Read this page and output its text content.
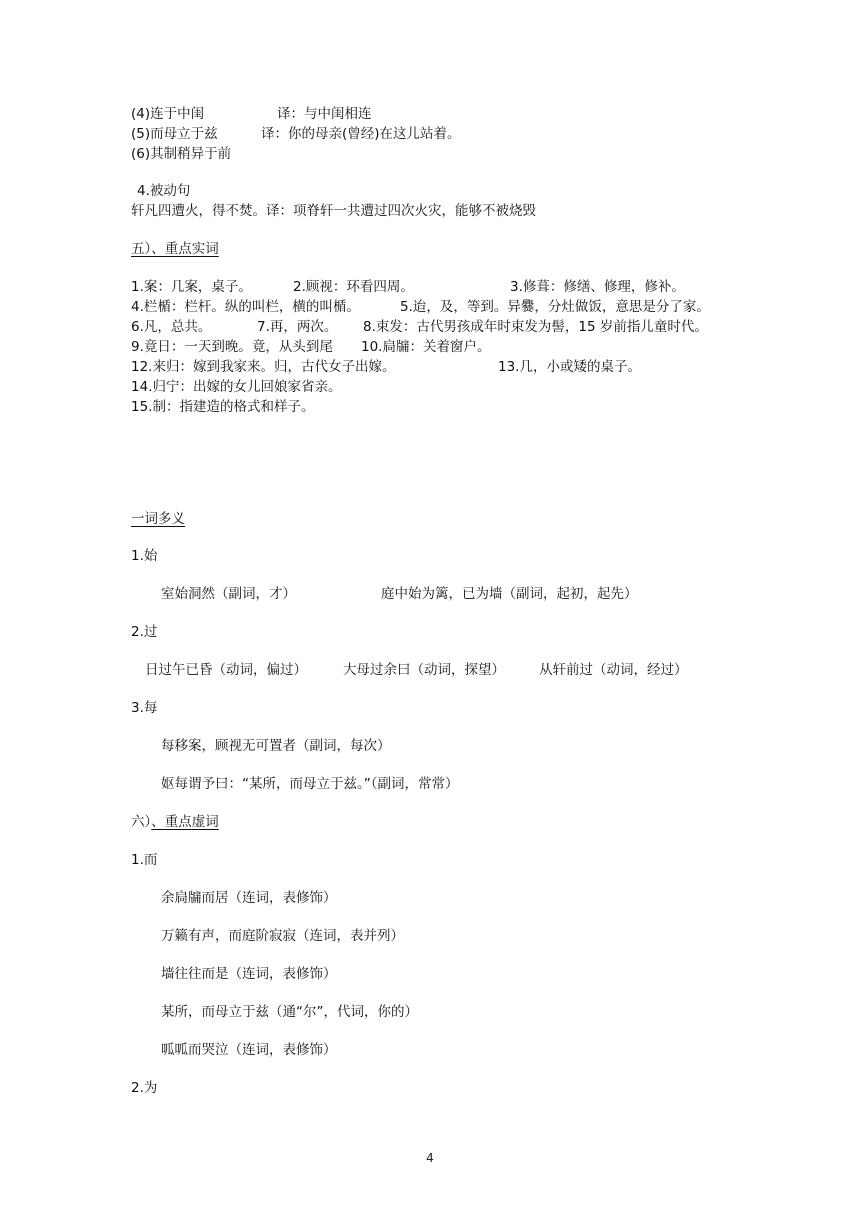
(4)连于中闺

	译：与中闺相连

(5)而母立于兹

	译：你的母亲(曾经)在这儿站着。

(6)其制稍异于前
4.被动句
轩凡四遭火，得不焚。译：项脊轩一共遭过四次火灾，能够不被烧毁
五）、重点实词

1.案：几案，桌子。

	2.顾视：环看四周。

	3.修葺：修缮、修理，修补。

4.栏楯：栏杆。纵的叫栏，横的叫楯。

	5.迨，及，等到。异爨，分灶做饭，意思是分了家。

6.凡，总共。

	7.再，两次。

8.束发：古代男孩成年时束发为髻，15 岁前指儿童时代。

9.竟日：一天到晚。竟，从头到尾

10.扃牖：关着窗户。

12.来归：嫁到我家来。归，古代女子出嫁。

	13.几，小或矮的桌子。

14.归宁：出嫁的女儿回娘家省亲。
15.制：指建造的格式和样子。
一词多义
1.始

室始洞然（副词，才）

	庭中始为篱，已为墙（副词，起初，起先）

2.过

日过午已昏（动词，偏过）

	大母过余曰（动词，探望）

	从轩前过（动词，经过）

3.每
每移案，顾视无可置者（副词，每次）
妪每谓予曰：“某所，而母立于兹。”（副词，常常）
六）、重点虚词
1.而
余扃牖而居（连词，表修饰）
万籁有声，而庭阶寂寂（连词，表并列）
墙往往而是（连词，表修饰）
某所，而母立于兹（通“尔”，代词，你的）
呱呱而哭泣（连词，表修饰）
2.为
4
